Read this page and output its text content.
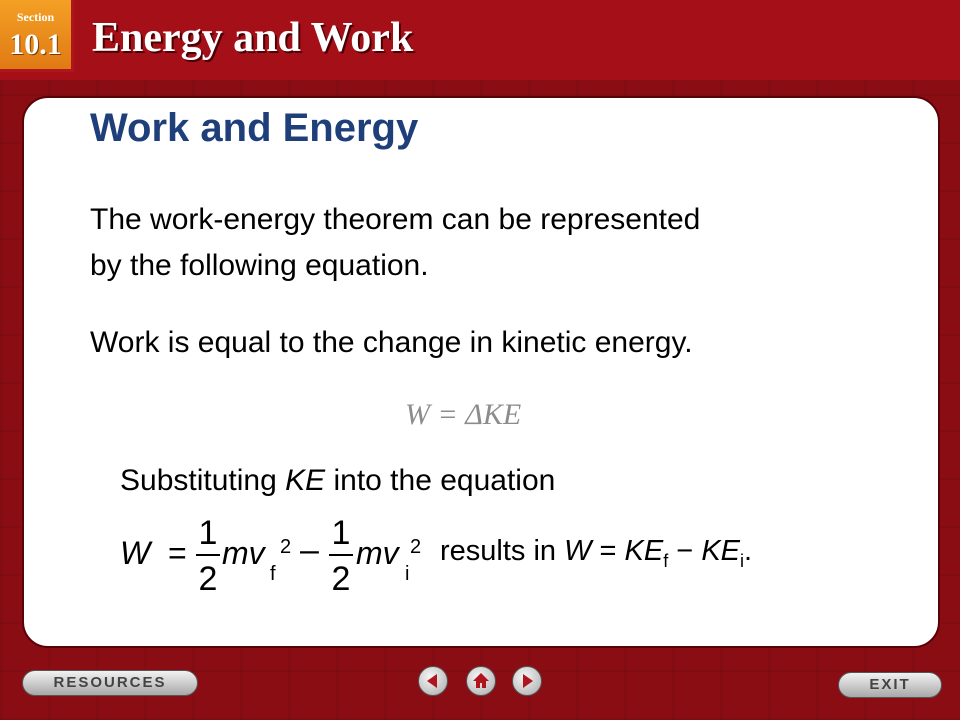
Section
10.1 Energy and Work
Work and Energy
The work-energy theorem can be represented
by the following equation.
Work is equal to the change in kinetic energy.
W = ΔKE
Substituting KE into the equation
W =
1
2
mv
f
2 – 1
2
mv
i
2 results in $W = KE_f - KE_i$.
RESOURCES	EXIT
